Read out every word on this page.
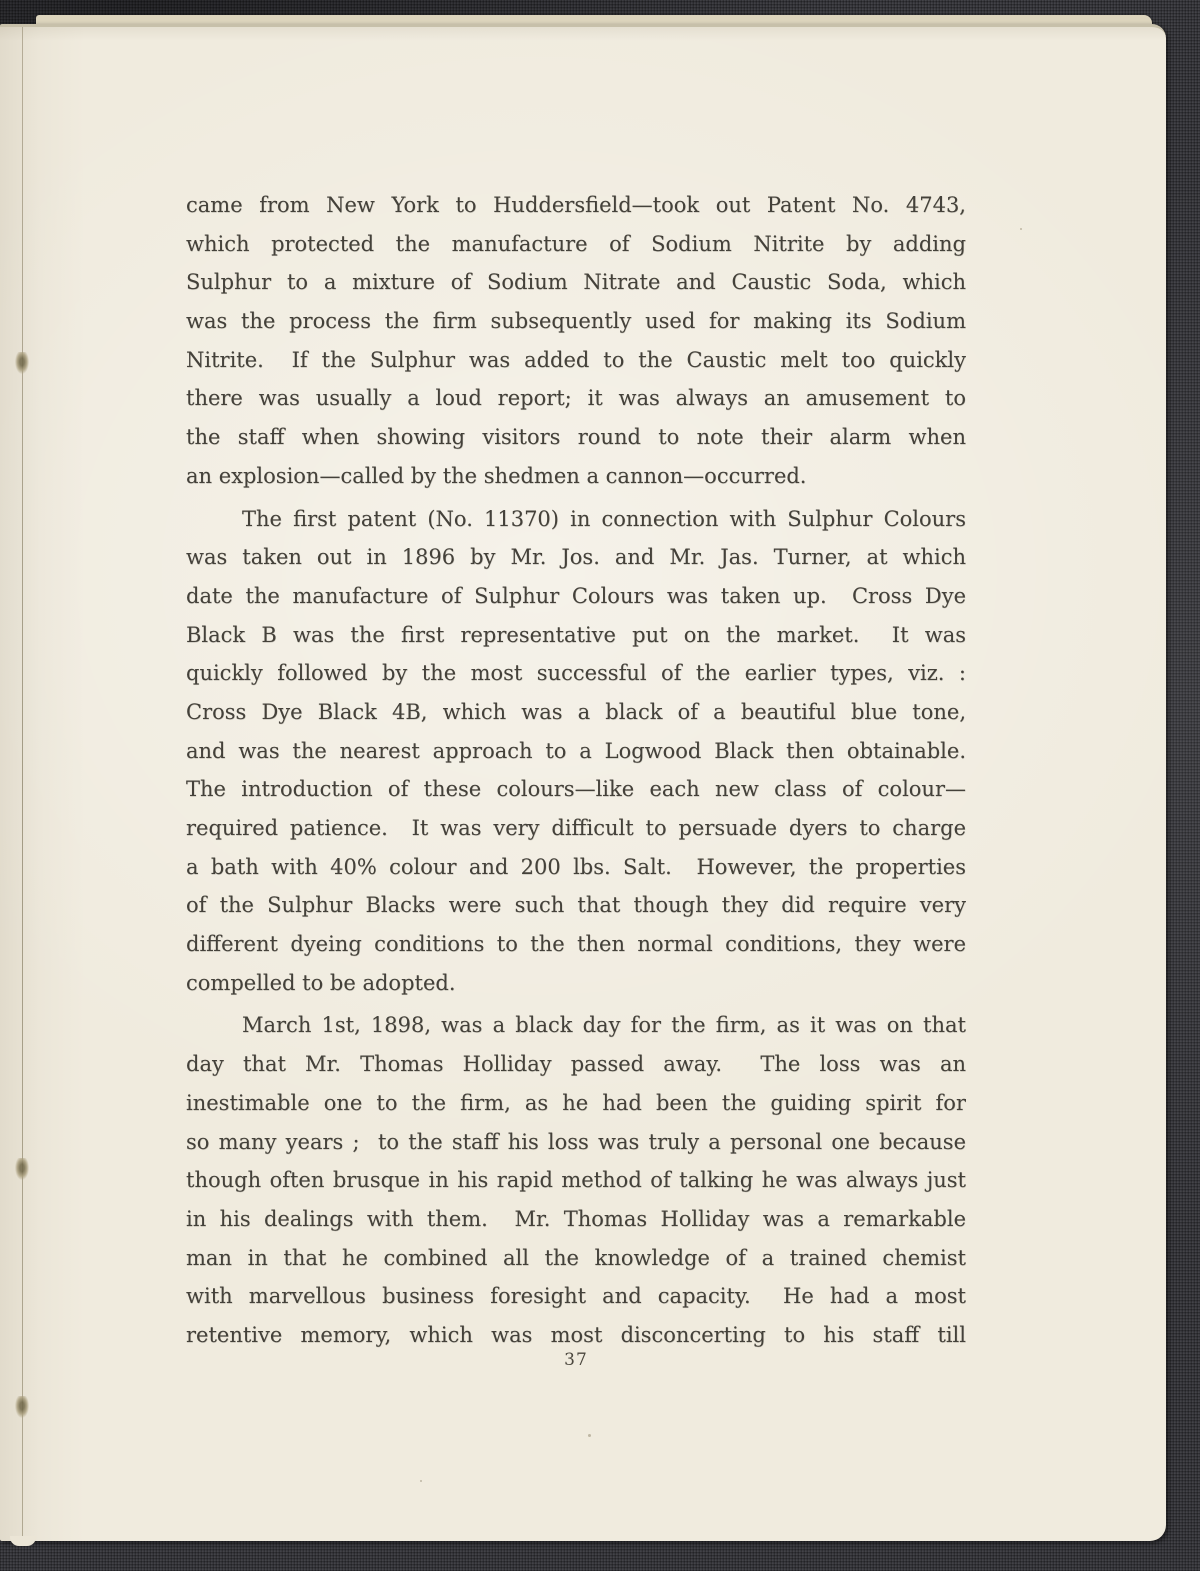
came from New York to Huddersfield—took out Patent No. 4743,
which protected the manufacture of Sodium Nitrite by adding
Sulphur to a mixture of Sodium Nitrate and Caustic Soda, which
was the process the firm subsequently used for making its Sodium
Nitrite.  If the Sulphur was added to the Caustic melt too quickly
there was usually a loud report; it was always an amusement to
the staff when showing visitors round to note their alarm when
an explosion—called by the shedmen a cannon—occurred.
The first patent (No. 11370) in connection with Sulphur Colours
was taken out in 1896 by Mr. Jos. and Mr. Jas. Turner, at which
date the manufacture of Sulphur Colours was taken up.  Cross Dye
Black B was the first representative put on the market.  It was
quickly followed by the most successful of the earlier types, viz. :
Cross Dye Black 4B, which was a black of a beautiful blue tone,
and was the nearest approach to a Logwood Black then obtainable.
The introduction of these colours—like each new class of colour—
required patience.  It was very difficult to persuade dyers to charge
a bath with 40% colour and 200 lbs. Salt.  However, the properties
of the Sulphur Blacks were such that though they did require very
different dyeing conditions to the then normal conditions, they were
compelled to be adopted.
March 1st, 1898, was a black day for the firm, as it was on that
day that Mr. Thomas Holliday passed away.  The loss was an
inestimable one to the firm, as he had been the guiding spirit for
so many years ;  to the staff his loss was truly a personal one because
though often brusque in his rapid method of talking he was always just
in his dealings with them.  Mr. Thomas Holliday was a remarkable
man in that he combined all the knowledge of a trained chemist
with marvellous business foresight and capacity.  He had a most
retentive memory, which was most disconcerting to his staff till
37
